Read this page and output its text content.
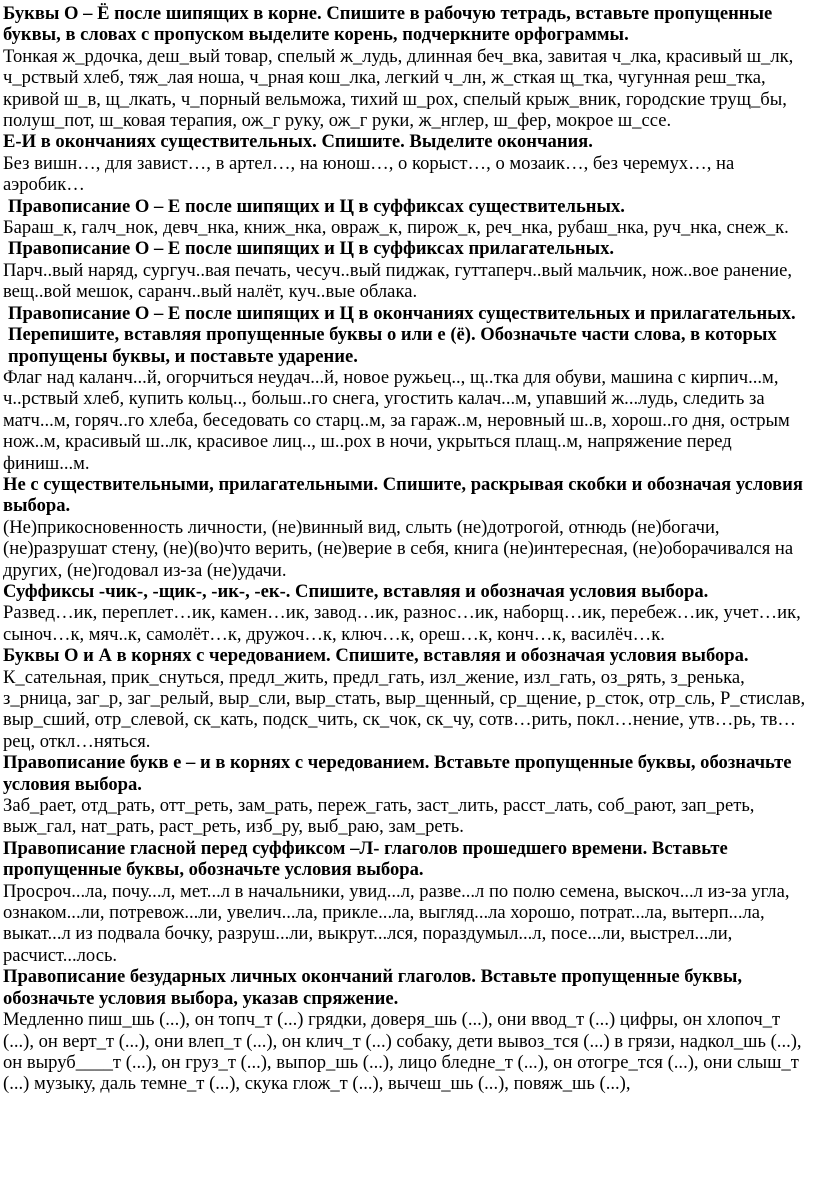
Буквы О – Ё после шипящих в корне. Спишите в рабочую тетрадь, вставьте пропущенные буквы, в словах с пропуском выделите корень, подчеркните орфограммы.

Тонкая ж_рдочка, деш_вый товар, спелый ж_лудь, длинная беч_вка, завитая ч_лка, красивый ш_лк, ч_рствый хлеб, тяж_лая ноша, ч_рная кош_лка, легкий ч_лн, ж_сткая щ_тка, чугунная реш_тка, кривой ш_в, щ_лкать, ч_порный вельможа, тихий ш_рох, спелый крыж_вник, городские трущ_бы, полуш_пот, ш_ковая терапия, ож_г руку, ож_г руки, ж_нглер, ш_фер, мокрое ш_ссе.

Е-И в окончаниях существительных. Спишите. Выделите окончания.

Без вишн…, для завист…, в артел…, на юнош…, о корыст…, о мозаик…, без черемух…, на аэробик…

Правописание О – Е после шипящих и Ц в суффиксах существительных.

Бараш_к, галч_нок, девч_нка, книж_нка, овраж_к, пирож_к, реч_нка, рубаш_нка, руч_нка, снеж_к.

Правописание О – Е после шипящих и Ц в суффиксах прилагательных.

Парч..вый наряд, сургуч..вая печать, чесуч..вый пиджак, гуттаперч..вый мальчик, нож..вое ранение, вещ..вой мешок, саранч..вый налёт, куч..вые облака.

Правописание О – Е после шипящих и Ц в окончаниях существительных и прилагательных. Перепишите, вставляя пропущенные буквы о или е (ё). Обозначьте части слова, в которых пропущены буквы, и поставьте ударение.

Флаг над каланч...й, огорчиться неудач...й, новое ружьец.., щ..тка для обуви, машина с кирпич...м, ч..рствый хлеб, купить кольц.., больш..го снега, угостить калач...м, упавший ж...лудь, следить за матч...м, горяч..го хлеба, беседовать со старц..м, за гараж..м, неровный ш..в, хорош..го дня, острым нож..м, красивый ш..лк, красивое лиц.., ш..рох в ночи, укрыться плащ..м, напряжение перед финиш...м.

Не с существительными, прилагательными. Спишите, раскрывая скобки и обозначая условия выбора.

(Не)прикосновенность личности, (не)винный вид, слыть (не)дотрогой, отнюдь (не)богачи, (не)разрушат стену, (не)(во)что верить, (не)верие в себя, книга (не)интересная, (не)оборачивался на других, (не)годовал из-за (не)удачи.

Суффиксы -чик-, -щик-, -ик-, -ек-. Спишите, вставляя и обозначая условия выбора.

Развед…ик, переплет…ик, камен…ик, завод…ик, разнос…ик, наборщ…ик, перебеж…ик, учет…ик, сыноч…к, мяч..к, самолёт…к, дружоч…к, ключ…к, ореш…к, конч…к, василёч…к.

Буквы О и А в корнях с чередованием. Спишите, вставляя и обозначая условия выбора.

К_сательная, прик_снуться, предл_жить, предл_гать, изл_жение, изл_гать, оз_рять, з_ренька, з_рница, заг_р, заг_релый, выр_сли, выр_стать, выр_щенный, ср_щение, р_сток, отр_сль, Р_стислав, выр_сший, отр_слевой, ск_кать, подск_чить, ск_чок, ск_чу, сотв…рить, покл…нение, утв…рь, тв…рец, откл…няться.

Правописание букв е – и в корнях с чередованием. Вставьте пропущенные буквы, обозначьте условия выбора.

Заб_рает, отд_рать, отт_реть, зам_рать, переж_гать, заст_лить, расст_лать, соб_рают, зап_реть, выж_гал, нат_рать, раст_реть, изб_ру, выб_раю, зам_реть.

Правописание гласной перед суффиксом –Л- глаголов прошедшего времени. Вставьте пропущенные буквы, обозначьте условия выбора.

Просроч...ла, почу...л, мет...л в начальники, увид...л, разве...л по полю семена, выскоч...л из-за угла, ознаком...ли, потревож...ли, увелич...ла, прикле...ла, выгляд...ла хорошо, потрат...ла, вытерп...ла, выкат...л из подвала бочку, разруш...ли, выкрут...лся, пораздумыл...л, посе...ли, выстрел...ли, расчист...лось.

Правописание безударных личных окончаний глаголов. Вставьте пропущенные буквы, обозначьте условия выбора, указав спряжение.

Медленно пиш_шь (...), он топч_т (...) грядки, доверя_шь (...), они ввод_т (...) цифры, он хлопоч_т (...), он верт_т (...), они влеп_т (...), он клич_т (...) собаку, дети вывоз_тся (...) в грязи, надкол_шь (...), он выруб____т (...), он груз_т (...), выпор_шь (...), лицо бледне_т (...), он отогре_тся (...), они слыш_т (...) музыку, даль темне_т (...), скука глож_т (...), вычеш_шь (...), повяж_шь (...),
